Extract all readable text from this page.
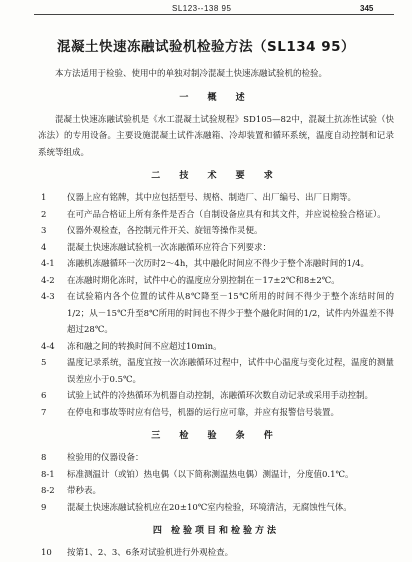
SL123--138 95	345
混凝土快速冻融试验机检验方法（SL134 95）

本方法适用于检验、使用中的单独对制冷混凝土快速冻融试验机的检验。

一 概 述

混凝土快速冻融试验机是《水工混凝土试验规程》SD105—82中，混凝土抗冻性试验（快冻法）的专用设备。主要设施混凝土试件冻融箱、冷却装置和循环系统，温度自动控制和记录系统等组成。

二 技 术 要 求
1	仪器上应有铭牌，其中应包括型号、规格、制造厂、出厂编号、出厂日期等。
2	在可产品合格证上所有条件是否合（自制设备应具有和其文件，并应说检验合格证）。
3	仪器外观检查，各控制元件开关、旋钮等操作灵便。
4	混凝土快速冻融试验机一次冻融循环应符合下列要求：
4-1	冻融机冻融循环一次历时2～4h，其中融化时间应不得少于整个冻融时间的1/4。
4-2	在冻融时期化冻时，试件中心的温度应分别控制在－17±2℃和8±2℃。
4-3	在试验箱内各个位置的试件从8℃降至－15℃所用的时间不得少于整个冻结时间的1/2；从－15℃升至8℃所用的时间也不得少于整个融化时间的1/2，试件内外温差不得超过28℃。
4-4	冻和融之间的转换时间不应超过10min。
5	温度记录系统，温度宜按一次冻融循环过程中，试件中心温度与变化过程，温度的测量误差应小于0.5℃。
6	试验上试件的冷热循环为机器自动控制，冻融循环次数自动记录或采用手动控制。
7	在停电和事故等时应有信号，机器的运行应可靠，并应有报警信号装置。
三 检 验 条 件
8	检验用的仪器设备：
8-1	标准测温计（或铂）热电偶（以下简称测温热电偶）测温计，分度值0.1℃。
8-2	带秒表。
9	混凝土快速冻融试验机应在20±10℃室内检验，环境清洁，无腐蚀性气体。
四 检验项目和检验方法
10	按第1、2、3、6条对试验机进行外观检查。
